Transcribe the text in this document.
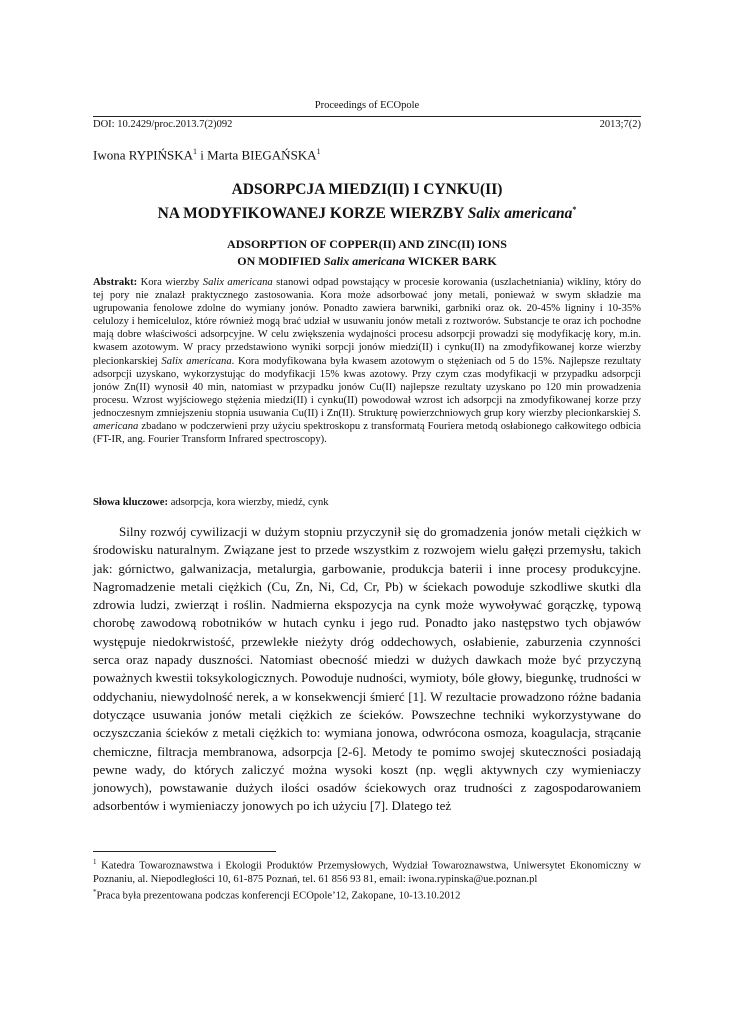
Proceedings of ECOpole
DOI: 10.2429/proc.2013.7(2)092	2013;7(2)
Iwona RYPIŃSKA$^1$ i Marta BIEGAŃSKA$^1$
ADSORPCJA MIEDZI(II) I CYNKU(II)
NA MODYFIKOWANEJ KORZE WIERZBY Salix americana*
ADSORPTION OF COPPER(II) AND ZINC(II) IONS
ON MODIFIED Salix americana WICKER BARK
Abstrakt: Kora wierzby Salix americana stanowi odpad powstający w procesie korowania (uszlachetniania) wikliny, który do tej pory nie znalazł praktycznego zastosowania. Kora może adsorbować jony metali, ponieważ w swym składzie ma ugrupowania fenolowe zdolne do wymiany jonów. Ponadto zawiera barwniki, garbniki oraz ok. 20-45% ligniny i 10-35% celulozy i hemiceluloz, które również mogą brać udział w usuwaniu jonów metali z roztworów. Substancje te oraz ich pochodne mają dobre właściwości adsorpcyjne. W celu zwiększenia wydajności procesu adsorpcji prowadzi się modyfikację kory, m.in. kwasem azotowym. W pracy przedstawiono wyniki sorpcji jonów miedzi(II) i cynku(II) na zmodyfikowanej korze wierzby plecionkarskiej Salix americana. Kora modyfikowana była kwasem azotowym o stężeniach od 5 do 15%. Najlepsze rezultaty adsorpcji uzyskano, wykorzystując do modyfikacji 15% kwas azotowy. Przy czym czas modyfikacji w przypadku adsorpcji jonów Zn(II) wynosił 40 min, natomiast w przypadku jonów Cu(II) najlepsze rezultaty uzyskano po 120 min prowadzenia procesu. Wzrost wyjściowego stężenia miedzi(II) i cynku(II) powodował wzrost ich adsorpcji na zmodyfikowanej korze przy jednoczesnym zmniejszeniu stopnia usuwania Cu(II) i Zn(II). Strukturę powierzchniowych grup kory wierzby plecionkarskiej S. americana zbadano w podczerwieni przy użyciu spektroskopu z transformatą Fouriera metodą osłabionego całkowitego odbicia (FT-IR, ang. Fourier Transform Infrared spectroscopy).
Słowa kluczowe: adsorpcja, kora wierzby, miedź, cynk

Silny rozwój cywilizacji w dużym stopniu przyczynił się do gromadzenia jonów metali ciężkich w środowisku naturalnym. Związane jest to przede wszystkim z rozwojem wielu gałęzi przemysłu, takich jak: górnictwo, galwanizacja, metalurgia, garbowanie, produkcja baterii i inne procesy produkcyjne. Nagromadzenie metali ciężkich (Cu, Zn, Ni, Cd, Cr, Pb) w ściekach powoduje szkodliwe skutki dla zdrowia ludzi, zwierząt i roślin. Nadmierna ekspozycja na cynk może wywoływać gorączkę, typową chorobę zawodową robotników w hutach cynku i jego rud. Ponadto jako następstwo tych objawów występuje niedokrwistość, przewlekłe nieżyty dróg oddechowych, osłabienie, zaburzenia czynności serca oraz napady duszności. Natomiast obecność miedzi w dużych dawkach może być przyczyną poważnych kwestii toksykologicznych. Powoduje nudności, wymioty, bóle głowy, biegunkę, trudności w oddychaniu, niewydolność nerek, a w konsekwencji śmierć [1]. W rezultacie prowadzono różne badania dotyczące usuwania jonów metali ciężkich ze ścieków. Powszechne techniki wykorzystywane do oczyszczania ścieków z metali ciężkich to: wymiana jonowa, odwrócona osmoza, koagulacja, strącanie chemiczne, filtracja membranowa, adsorpcja [2-6]. Metody te pomimo swojej skuteczności posiadają pewne wady, do których zaliczyć można wysoki koszt (np. węgli aktywnych czy wymieniaczy jonowych), powstawanie dużych ilości osadów ściekowych oraz trudności z zagospodarowaniem adsorbentów i wymieniaczy jonowych po ich użyciu [7]. Dlatego też

$^1$ Katedra Towaroznawstwa i Ekologii Produktów Przemysłowych, Wydział Towaroznawstwa, Uniwersytet Ekonomiczny w Poznaniu, al. Niepodległości 10, 61-875 Poznań, tel. 61 856 93 81, email: iwona.rypinska@ue.poznan.pl

*Praca była prezentowana podczas konferencji ECOpole’12, Zakopane, 10-13.10.2012
